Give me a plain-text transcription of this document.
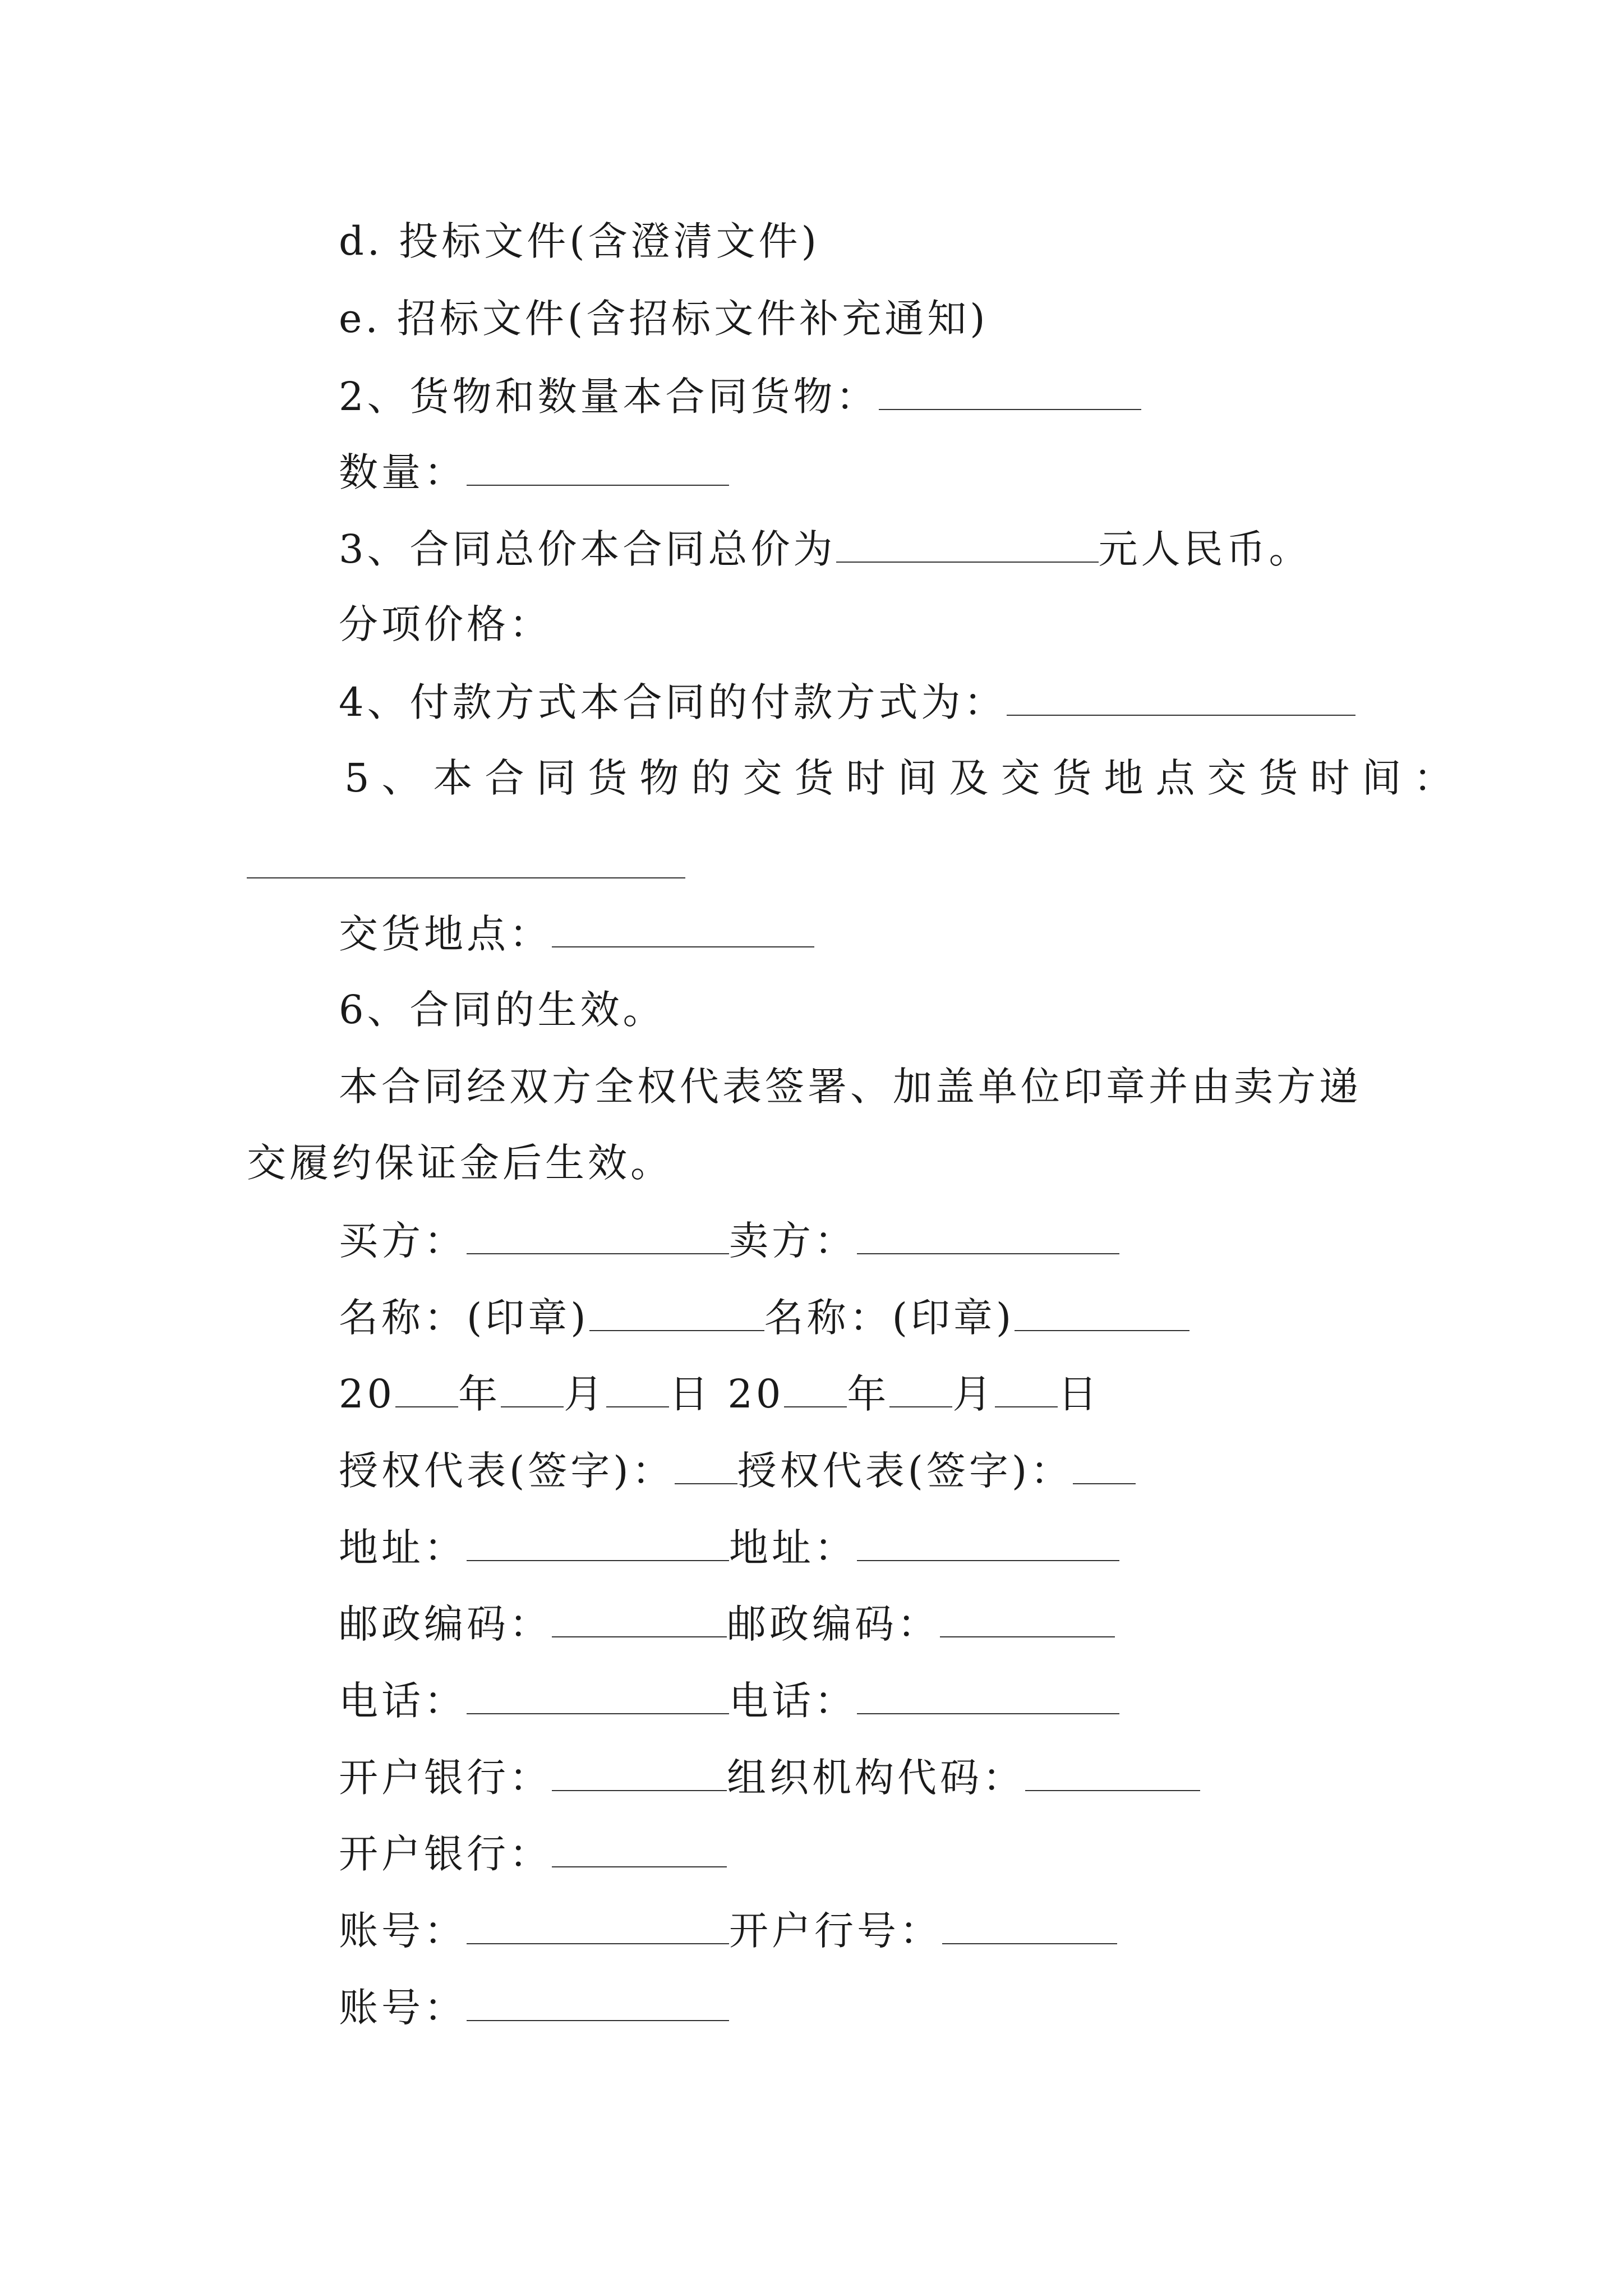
d. 投标文件(含澄清文件)
e. 招标文件(含招标文件补充通知)
2、货物和数量本合同货物：
数量：
3、合同总价本合同总价为	元人民币。
分项价格：
4、付款方式本合同的付款方式为：
5、本合同货物的交货时间及交货地点交货时间：
交货地点：
6、合同的生效。
本合同经双方全权代表签署、加盖单位印章并由卖方递
交履约保证金后生效。
买方：	卖方：
名称：(印章)	名称：(印章)
20 年 月 日 20 年 月 日
授权代表(签字)： 授权代表(签字)：
地址：	地址：
邮政编码：	邮政编码：
电话：	电话：
开户银行：	组织机构代码：
开户银行：
账号：	开户行号：
账号：
